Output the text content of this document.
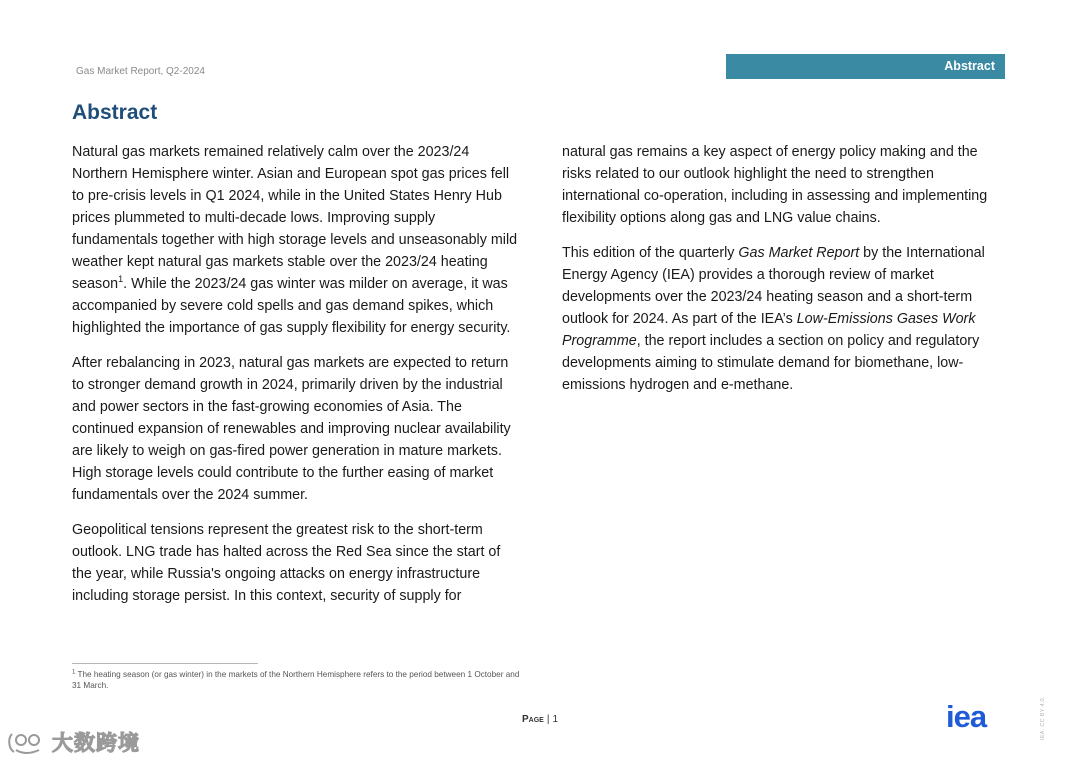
Gas Market Report, Q2-2024	Abstract
Abstract

Natural gas markets remained relatively calm over the 2023/24 Northern Hemisphere winter. Asian and European spot gas prices fell to pre-crisis levels in Q1 2024, while in the United States Henry Hub prices plummeted to multi-decade lows. Improving supply fundamentals together with high storage levels and unseasonably mild weather kept natural gas markets stable over the 2023/24 heating season$^1$. While the 2023/24 gas winter was milder on average, it was accompanied by severe cold spells and gas demand spikes, which highlighted the importance of gas supply flexibility for energy security.

After rebalancing in 2023, natural gas markets are expected to return to stronger demand growth in 2024, primarily driven by the industrial and power sectors in the fast-growing economies of Asia. The continued expansion of renewables and improving nuclear availability are likely to weigh on gas-fired power generation in mature markets. High storage levels could contribute to the further easing of market fundamentals over the 2024 summer.

Geopolitical tensions represent the greatest risk to the short-term outlook. LNG trade has halted across the Red Sea since the start of the year, while Russia's ongoing attacks on energy infrastructure including storage persist. In this context, security of supply for

natural gas remains a key aspect of energy policy making and the risks related to our outlook highlight the need to strengthen international co-operation, including in assessing and implementing flexibility options along gas and LNG value chains.

This edition of the quarterly Gas Market Report by the International Energy Agency (IEA) provides a thorough review of market developments over the 2023/24 heating season and a short-term outlook for 2024. As part of the IEA’s Low-Emissions Gases Work Programme, the report includes a section on policy and regulatory developments aiming to stimulate demand for biomethane, low-emissions hydrogen and e-methane.

$^1$ The heating season (or gas winter) in the markets of the Northern Hemisphere refers to the period between 1 October and 31 March.
Page | 1	iea	IEA. CC BY 4.0.
大数跨境
